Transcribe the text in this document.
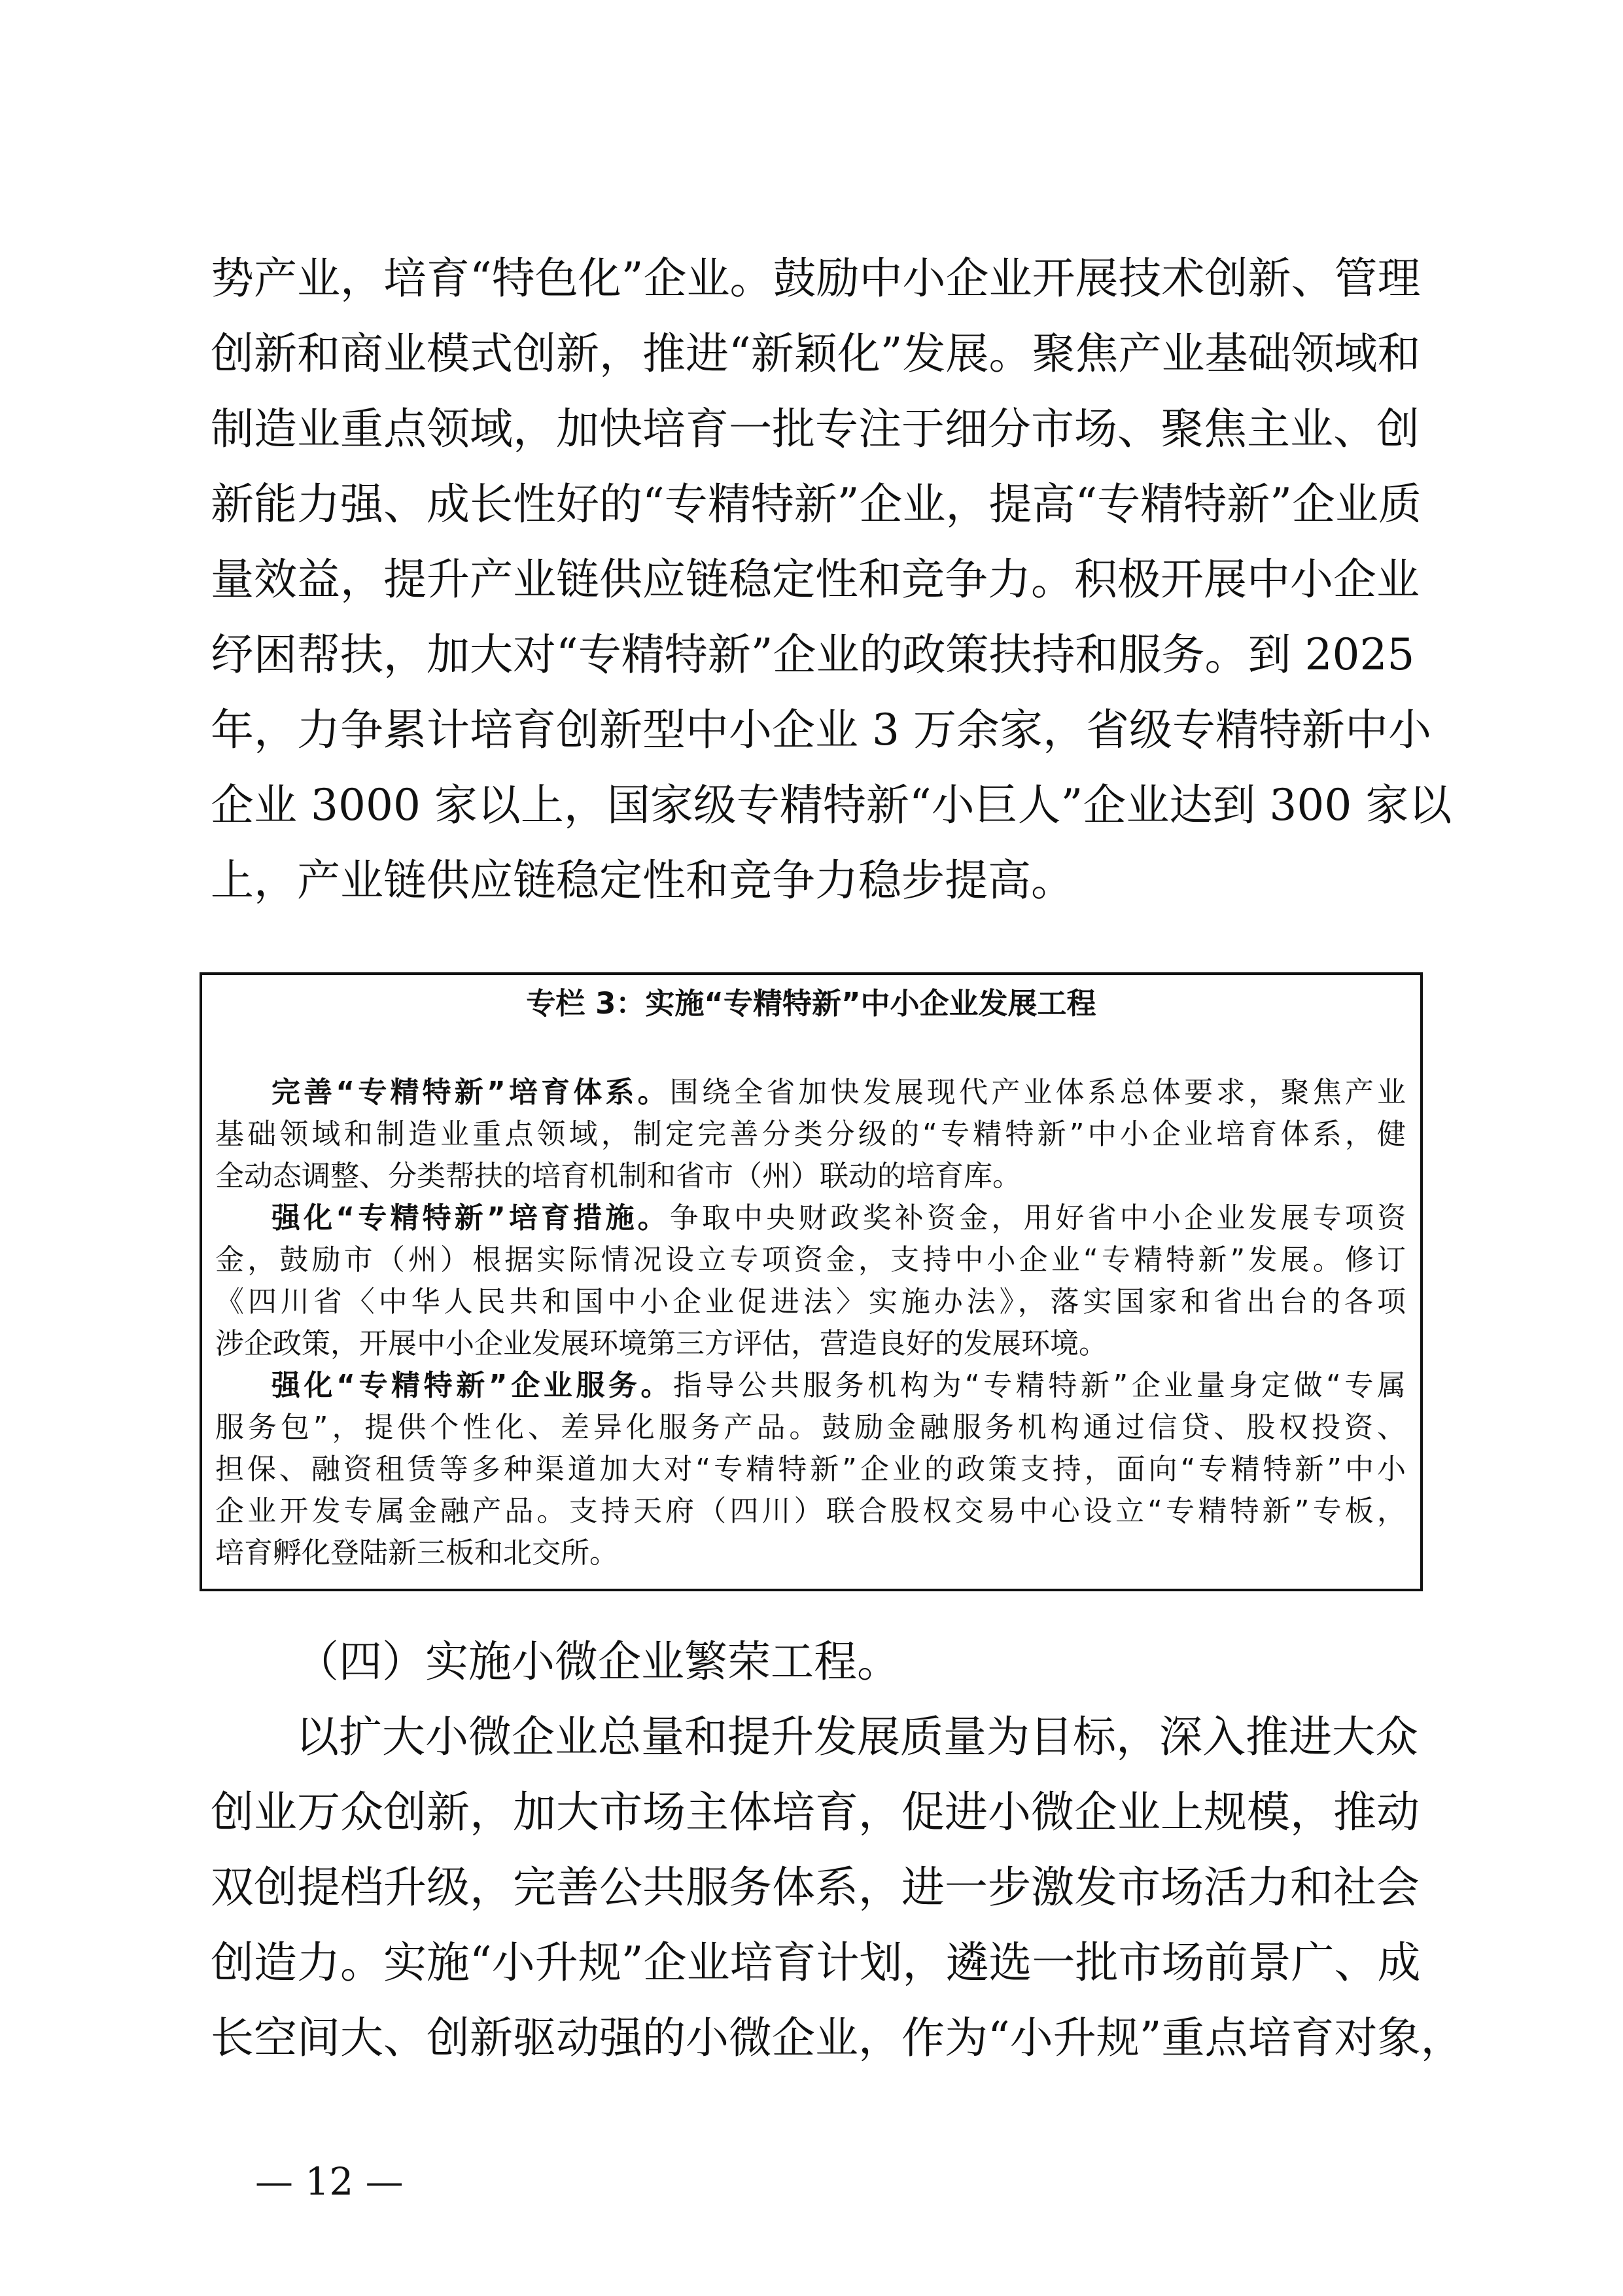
势产业，培育“特色化”企业。鼓励中小企业开展技术创新、管理

创新和商业模式创新，推进“新颖化”发展。聚焦产业基础领域和

制造业重点领域，加快培育一批专注于细分市场、聚焦主业、创

新能力强、成长性好的“专精特新”企业，提高“专精特新”企业质

量效益，提升产业链供应链稳定性和竞争力。积极开展中小企业

纾困帮扶，加大对“专精特新”企业的政策扶持和服务。到 2025

年，力争累计培育创新型中小企业 3 万余家，省级专精特新中小

企业 3000 家以上，国家级专精特新“小巨人”企业达到 300 家以

上，产业链供应链稳定性和竞争力稳步提高。

专栏 3：实施“专精特新”中小企业发展工程

完善“专精特新”培育体系。围绕全省加快发展现代产业体系总体要求，聚焦产业

基础领域和制造业重点领域，制定完善分类分级的“专精特新”中小企业培育体系，健

全动态调整、分类帮扶的培育机制和省市（州）联动的培育库。

强化“专精特新”培育措施。争取中央财政奖补资金，用好省中小企业发展专项资

金，鼓励市（州）根据实际情况设立专项资金，支持中小企业“专精特新”发展。修订

《四川省〈中华人民共和国中小企业促进法〉实施办法》，落实国家和省出台的各项

涉企政策，开展中小企业发展环境第三方评估，营造良好的发展环境。

强化“专精特新”企业服务。指导公共服务机构为“专精特新”企业量身定做“专属

服务包”，提供个性化、差异化服务产品。鼓励金融服务机构通过信贷、股权投资、

担保、融资租赁等多种渠道加大对“专精特新”企业的政策支持，面向“专精特新”中小

企业开发专属金融产品。支持天府（四川）联合股权交易中心设立“专精特新”专板，

培育孵化登陆新三板和北交所。

（四）实施小微企业繁荣工程。

以扩大小微企业总量和提升发展质量为目标，深入推进大众

创业万众创新，加大市场主体培育，促进小微企业上规模，推动

双创提档升级，完善公共服务体系，进一步激发市场活力和社会

创造力。实施“小升规”企业培育计划，遴选一批市场前景广、成

长空间大、创新驱动强的小微企业，作为“小升规”重点培育对象，

— 12 —
